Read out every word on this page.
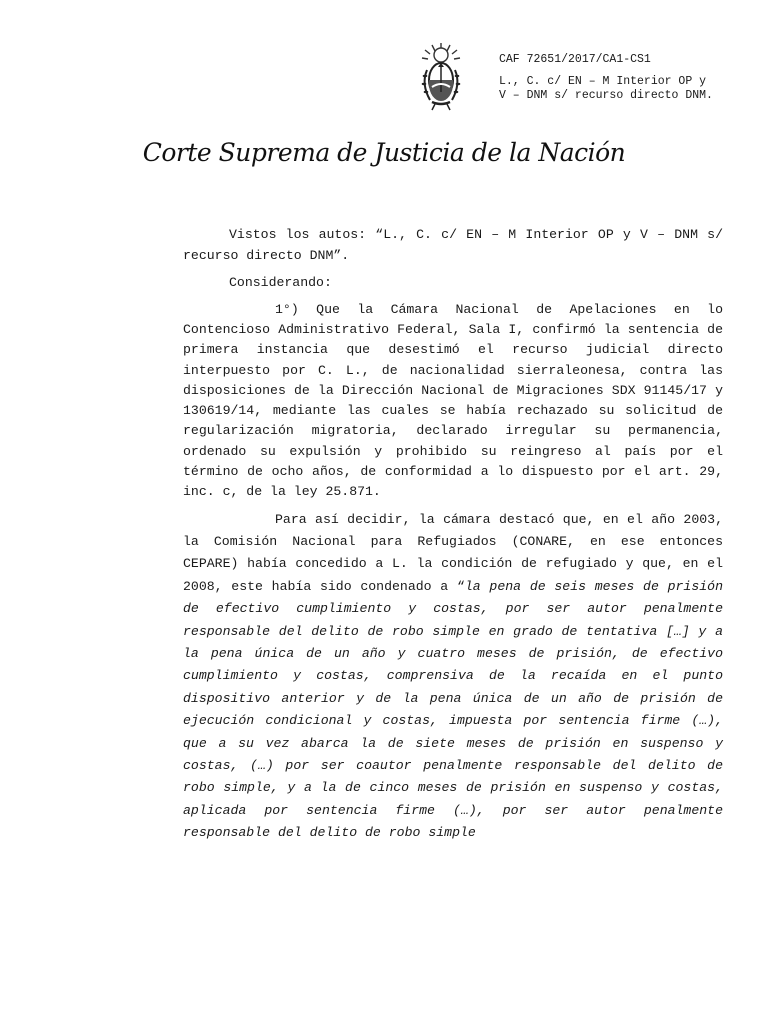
CAF 72651/2017/CA1-CS1
L., C. c/ EN – M Interior OP y
V – DNM s/ recurso directo DNM.
Corte Suprema de Justicia de la Nación

Vistos los autos: “L., C. c/ EN – M Interior OP y V – DNM s/ recurso directo DNM”.

Considerando:

1°) Que la Cámara Nacional de Apelaciones en lo Contencioso Administrativo Federal, Sala I, confirmó la sentencia de primera instancia que desestimó el recurso judicial directo interpuesto por C. L., de nacionalidad sierraleonesa, contra las disposiciones de la Dirección Nacional de Migraciones SDX 91145/17 y 130619/14, mediante las cuales se había rechazado su solicitud de regularización migratoria, declarado irregular su permanencia, ordenado su expulsión y prohibido su reingreso al país por el término de ocho años, de conformidad a lo dispuesto por el art. 29, inc. c, de la ley 25.871.

Para así decidir, la cámara destacó que, en el año 2003, la Comisión Nacional para Refugiados (CONARE, en ese entonces CEPARE) había concedido a L. la condición de refugiado y que, en el 2008, este había sido condenado a “la pena de seis meses de prisión de efectivo cumplimiento y costas, por ser autor penalmente responsable del delito de robo simple en grado de tentativa […] y a la pena única de un año y cuatro meses de prisión, de efectivo cumplimiento y costas, comprensiva de la recaída en el punto dispositivo anterior y de la pena única de un año de prisión de ejecución condicional y costas, impuesta por sentencia firme (…), que a su vez abarca la de siete meses de prisión en suspenso y costas, (…) por ser coautor penalmente responsable del delito de robo simple, y a la de cinco meses de prisión en suspenso y costas, aplicada por sentencia firme (…), por ser autor penalmente responsable del delito de robo simple
